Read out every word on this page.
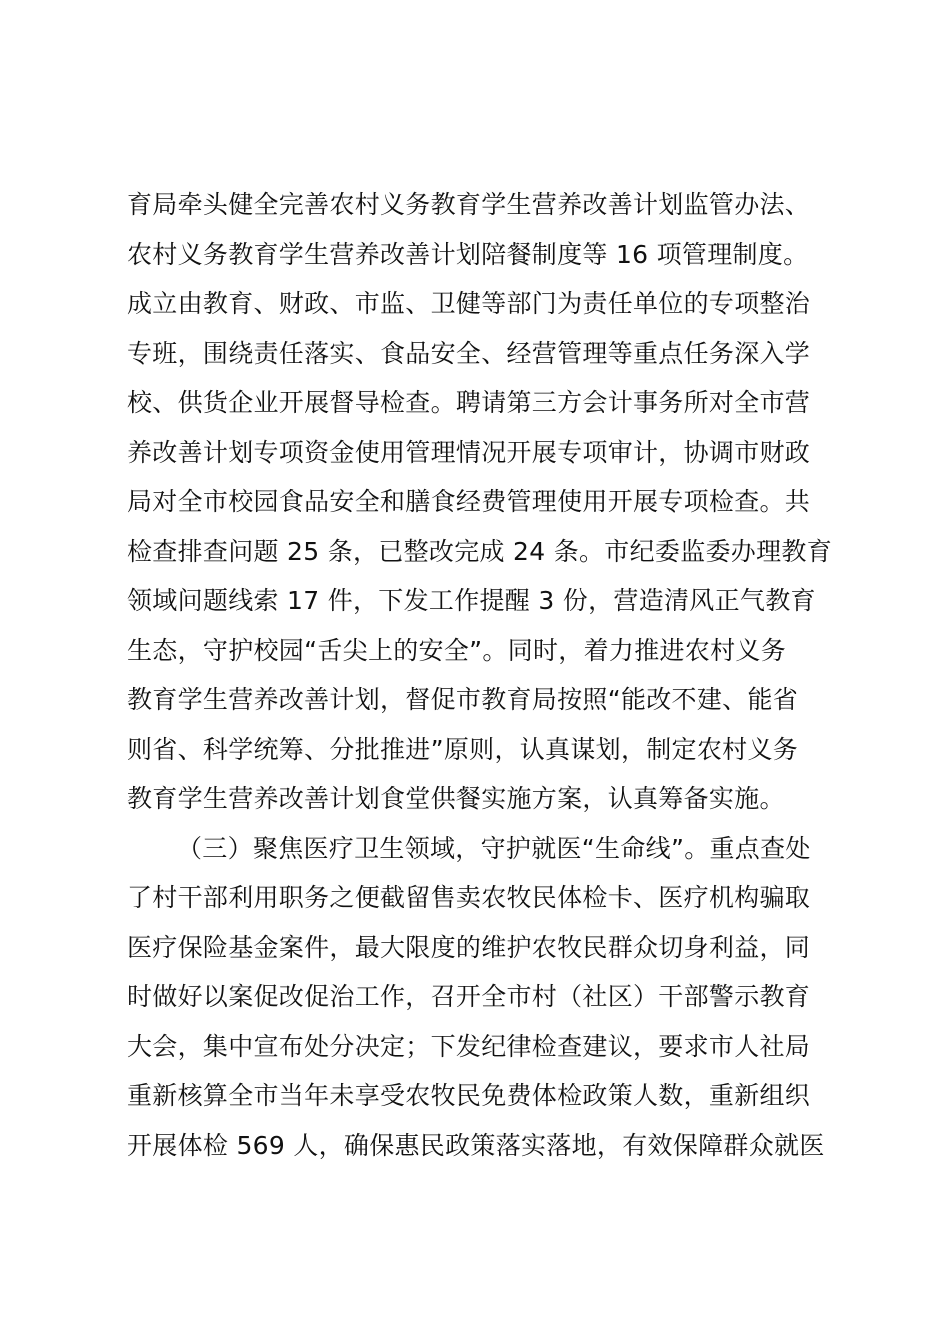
育局牵头健全完善农村义务教育学生营养改善计划监管办法、
农村义务教育学生营养改善计划陪餐制度等 16 项管理制度。
成立由教育、财政、市监、卫健等部门为责任单位的专项整治
专班，围绕责任落实、食品安全、经营管理等重点任务深入学
校、供货企业开展督导检查。聘请第三方会计事务所对全市营
养改善计划专项资金使用管理情况开展专项审计，协调市财政
局对全市校园食品安全和膳食经费管理使用开展专项检查。共
检查排查问题 25 条，已整改完成 24 条。市纪委监委办理教育
领域问题线索 17 件，下发工作提醒 3 份，营造清风正气教育
生态，守护校园“舌尖上的安全”。同时，着力推进农村义务
教育学生营养改善计划，督促市教育局按照“能改不建、能省
则省、科学统筹、分批推进”原则，认真谋划，制定农村义务
教育学生营养改善计划食堂供餐实施方案，认真筹备实施。
（三）聚焦医疗卫生领域，守护就医“生命线”。重点查处
了村干部利用职务之便截留售卖农牧民体检卡、医疗机构骗取
医疗保险基金案件，最大限度的维护农牧民群众切身利益，同
时做好以案促改促治工作，召开全市村（社区）干部警示教育
大会，集中宣布处分决定；下发纪律检查建议，要求市人社局
重新核算全市当年未享受农牧民免费体检政策人数，重新组织
开展体检 569 人，确保惠民政策落实落地，有效保障群众就医
